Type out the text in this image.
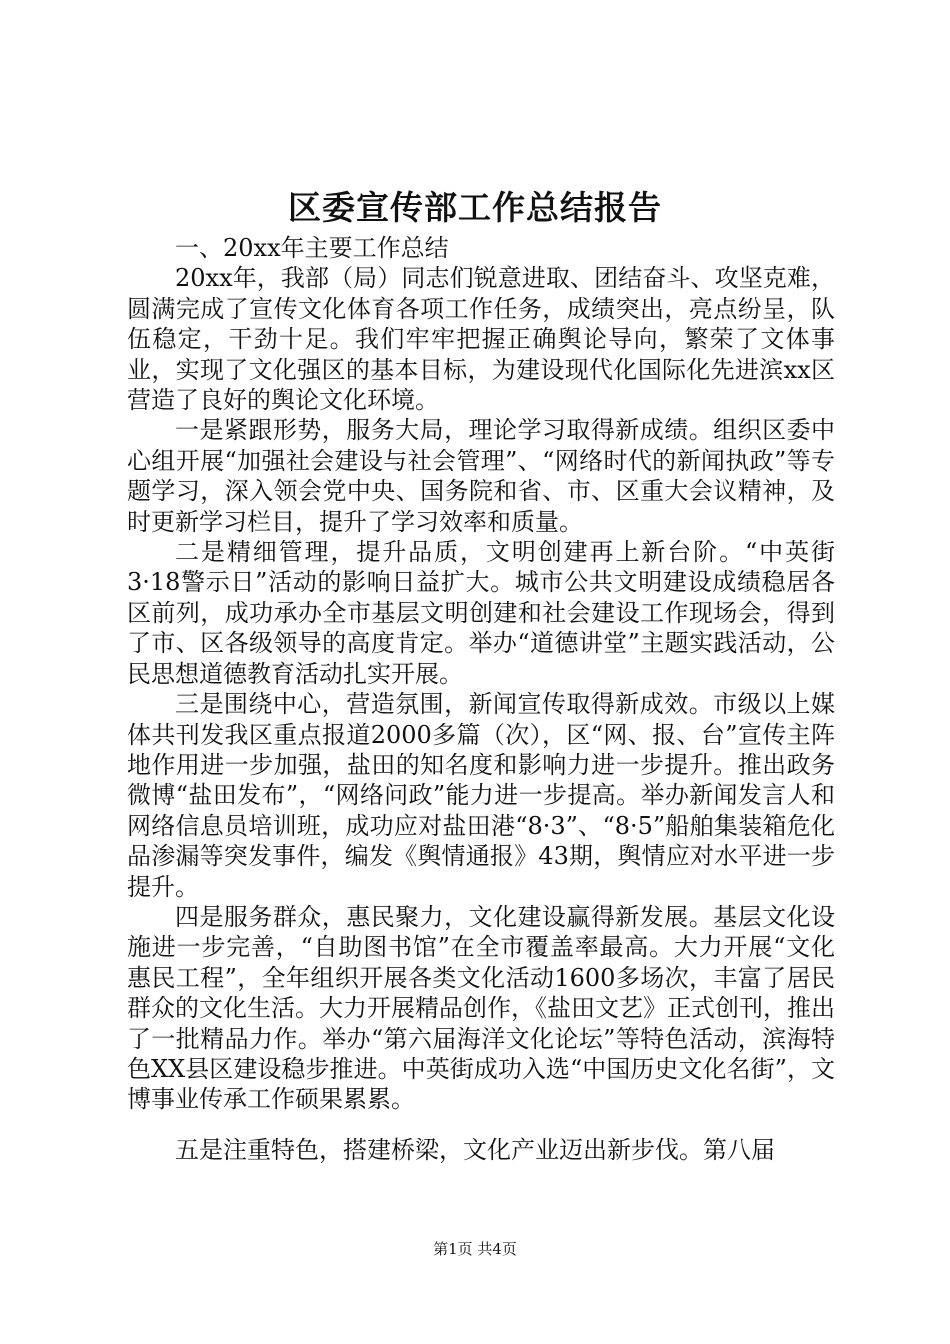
区委宣传部工作总结报告

一、20xx年主要工作总结

20xx年，我部（局）同志们锐意进取、团结奋斗、攻坚克难，圆满完成了宣传文化体育各项工作任务，成绩突出，亮点纷呈，队伍稳定，干劲十足。我们牢牢把握正确舆论导向，繁荣了文体事业，实现了文化强区的基本目标，为建设现代化国际化先进滨xx区营造了良好的舆论文化环境。

一是紧跟形势，服务大局，理论学习取得新成绩。组织区委中心组开展“加强社会建设与社会管理”、“网络时代的新闻执政”等专题学习，深入领会党中央、国务院和省、市、区重大会议精神，及时更新学习栏目，提升了学习效率和质量。

二是精细管理，提升品质，文明创建再上新台阶。“中英街3·18警示日”活动的影响日益扩大。城市公共文明建设成绩稳居各区前列，成功承办全市基层文明创建和社会建设工作现场会，得到了市、区各级领导的高度肯定。举办“道德讲堂”主题实践活动，公民思想道德教育活动扎实开展。

三是围绕中心，营造氛围，新闻宣传取得新成效。市级以上媒体共刊发我区重点报道2000多篇（次），区“网、报、台”宣传主阵地作用进一步加强，盐田的知名度和影响力进一步提升。推出政务微博“盐田发布”，“网络问政”能力进一步提高。举办新闻发言人和网络信息员培训班，成功应对盐田港“8·3”、“8·5”船舶集装箱危化品渗漏等突发事件，编发《舆情通报》43期，舆情应对水平进一步提升。

四是服务群众，惠民聚力，文化建设赢得新发展。基层文化设施进一步完善，“自助图书馆”在全市覆盖率最高。大力开展“文化惠民工程”，全年组织开展各类文化活动1600多场次，丰富了居民群众的文化生活。大力开展精品创作，《盐田文艺》正式创刊，推出了一批精品力作。举办“第六届海洋文化论坛”等特色活动，滨海特色XX县区建设稳步推进。中英街成功入选“中国历史文化名街”，文博事业传承工作硕果累累。

五是注重特色，搭建桥梁，文化产业迈出新步伐。第八届

第1页 共4页
